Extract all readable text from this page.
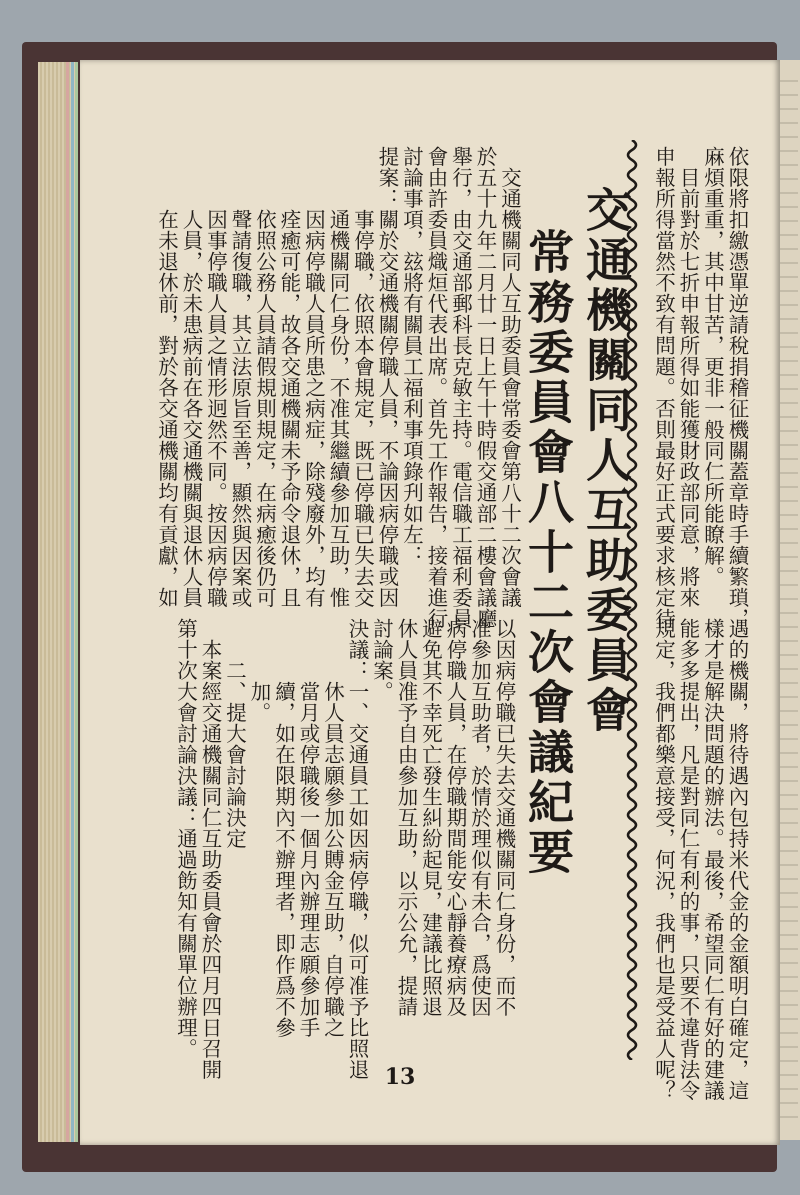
依限將扣繳憑單逆請稅捐稽征機關蓋章時手續繁瑣，
麻煩重重，其中甘苦，更非一般同仁所能瞭解。
　目前對於七折申報所得如能獲財政部同意，將來
申報所得當然不致有問題。否則最好正式要求核定待
遇的機關，將待遇內包持米代金的金額明白確定，這
樣才是解決問題的辦法。最後，希望同仁有好的建議
能多多提出，凡是對同仁有利的事，只要不違背法令
規定，我們都樂意接受，何況，我們也是受益人呢？
交通機關同人互助委員會
常務委員會八十二次會議紀要
　交通機關同人互助委員會常委會第八十二次會議
於五十九年二月廿一日上午十時假交通部二樓會議廳
舉行，由交通部郵科長克敏主持。電信職工福利委員
會由許委員熾烜代表出席。首先工作報告，接着進行
討論事項，玆將有關員工福利事項錄刋如左：
提案：關於交通機關停職人員，不論因病停職或因
　　　事停職，依照本會規定，既已停職已失去交
　　　通機關同仁身份，不准其繼續參加互助，惟
　　　因病停職人員所患之病症，除殘廢外，均有
　　　痊癒可能，故各交通機關未予命令退休，且
　　　依照公務人員請假規則規定，在病癒後仍可
　　　聲請復職，其立法原旨至善，顯然與因案或
　　　因事停職人員之情形迥然不同。按因病停職
　　　人員，於未患病前在各交通機關與退休人員
　　　在未退休前，對於各交通機關均有貢獻，如
以因病停職已失去交通機關同仁身份，而不
准參加互助者，於情於理似有未合，爲使因
病停職人員，在停職期間能安心靜養療病及
避免其不幸死亡發生糾紛起見，建議比照退
休人員准予自由參加互助，以示公允，提請
討論案。
決議：一、交通員工如因病停職，似可准予比照退
　　　休人員志願參加公賻金互助，自停職之
　　　當月或停職後一個月內辦理志願參加手
　　　續，如在限期內不辦理者，即作爲不參
　　　加。
　　二、提大會討論決定
　本案經交通機關同仁互助委員會於四月四日召開
第十次大會討論決議：通過飭知有關單位辦理。
13
